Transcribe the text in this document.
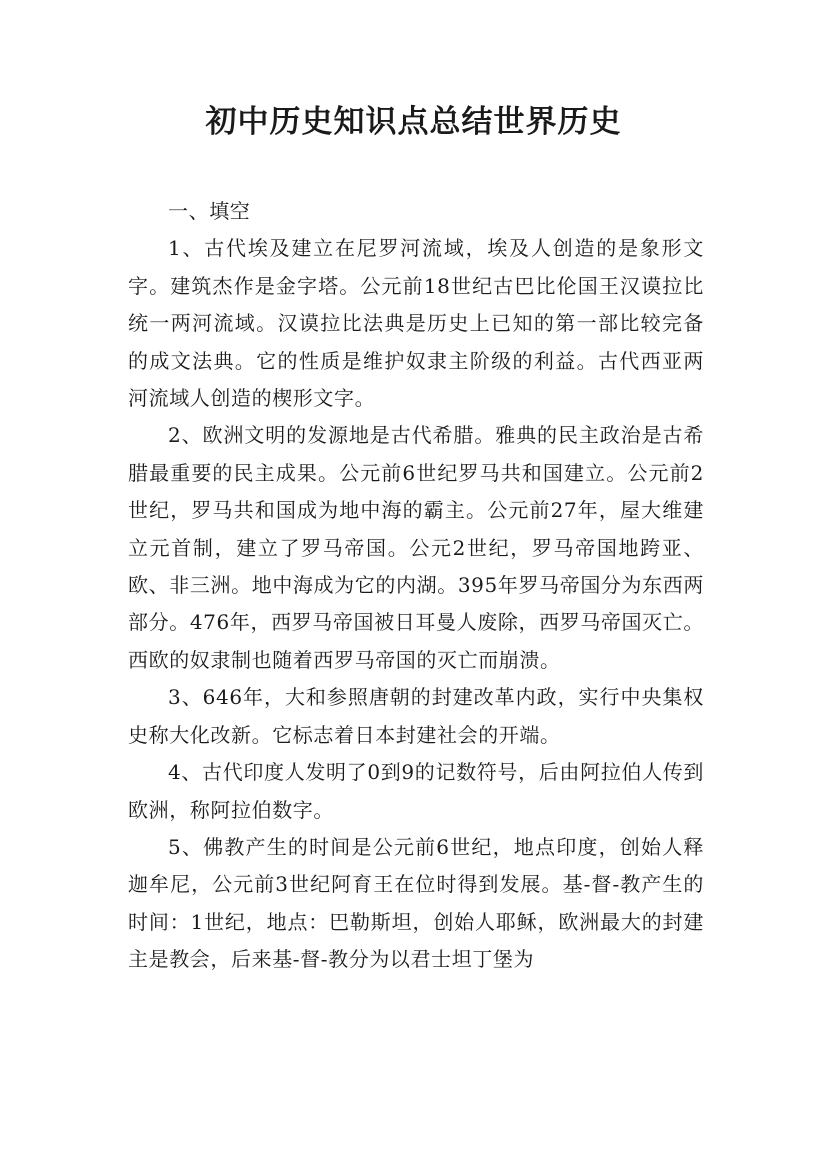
初中历史知识点总结世界历史

一、填空

1、古代埃及建立在尼罗河流域，埃及人创造的是象形文字。建筑杰作是金字塔。公元前18世纪古巴比伦国王汉谟拉比统一两河流域。汉谟拉比法典是历史上已知的第一部比较完备的成文法典。它的性质是维护奴隶主阶级的利益。古代西亚两河流域人创造的楔形文字。

2、欧洲文明的发源地是古代希腊。雅典的民主政治是古希腊最重要的民主成果。公元前6世纪罗马共和国建立。公元前2世纪，罗马共和国成为地中海的霸主。公元前27年，屋大维建立元首制，建立了罗马帝国。公元2世纪，罗马帝国地跨亚、欧、非三洲。地中海成为它的内湖。395年罗马帝国分为东西两部分。476年，西罗马帝国被日耳曼人废除，西罗马帝国灭亡。西欧的奴隶制也随着西罗马帝国的灭亡而崩溃。

3、646年，大和参照唐朝的封建改革内政，实行中央集权史称大化改新。它标志着日本封建社会的开端。

4、古代印度人发明了0到9的记数符号，后由阿拉伯人传到欧洲，称阿拉伯数字。

5、佛教产生的时间是公元前6世纪，地点印度，创始人释迦牟尼，公元前3世纪阿育王在位时得到发展。基-督-教产生的时间：1世纪，地点：巴勒斯坦，创始人耶稣，欧洲最大的封建主是教会，后来基-督-教分为以君士坦丁堡为
